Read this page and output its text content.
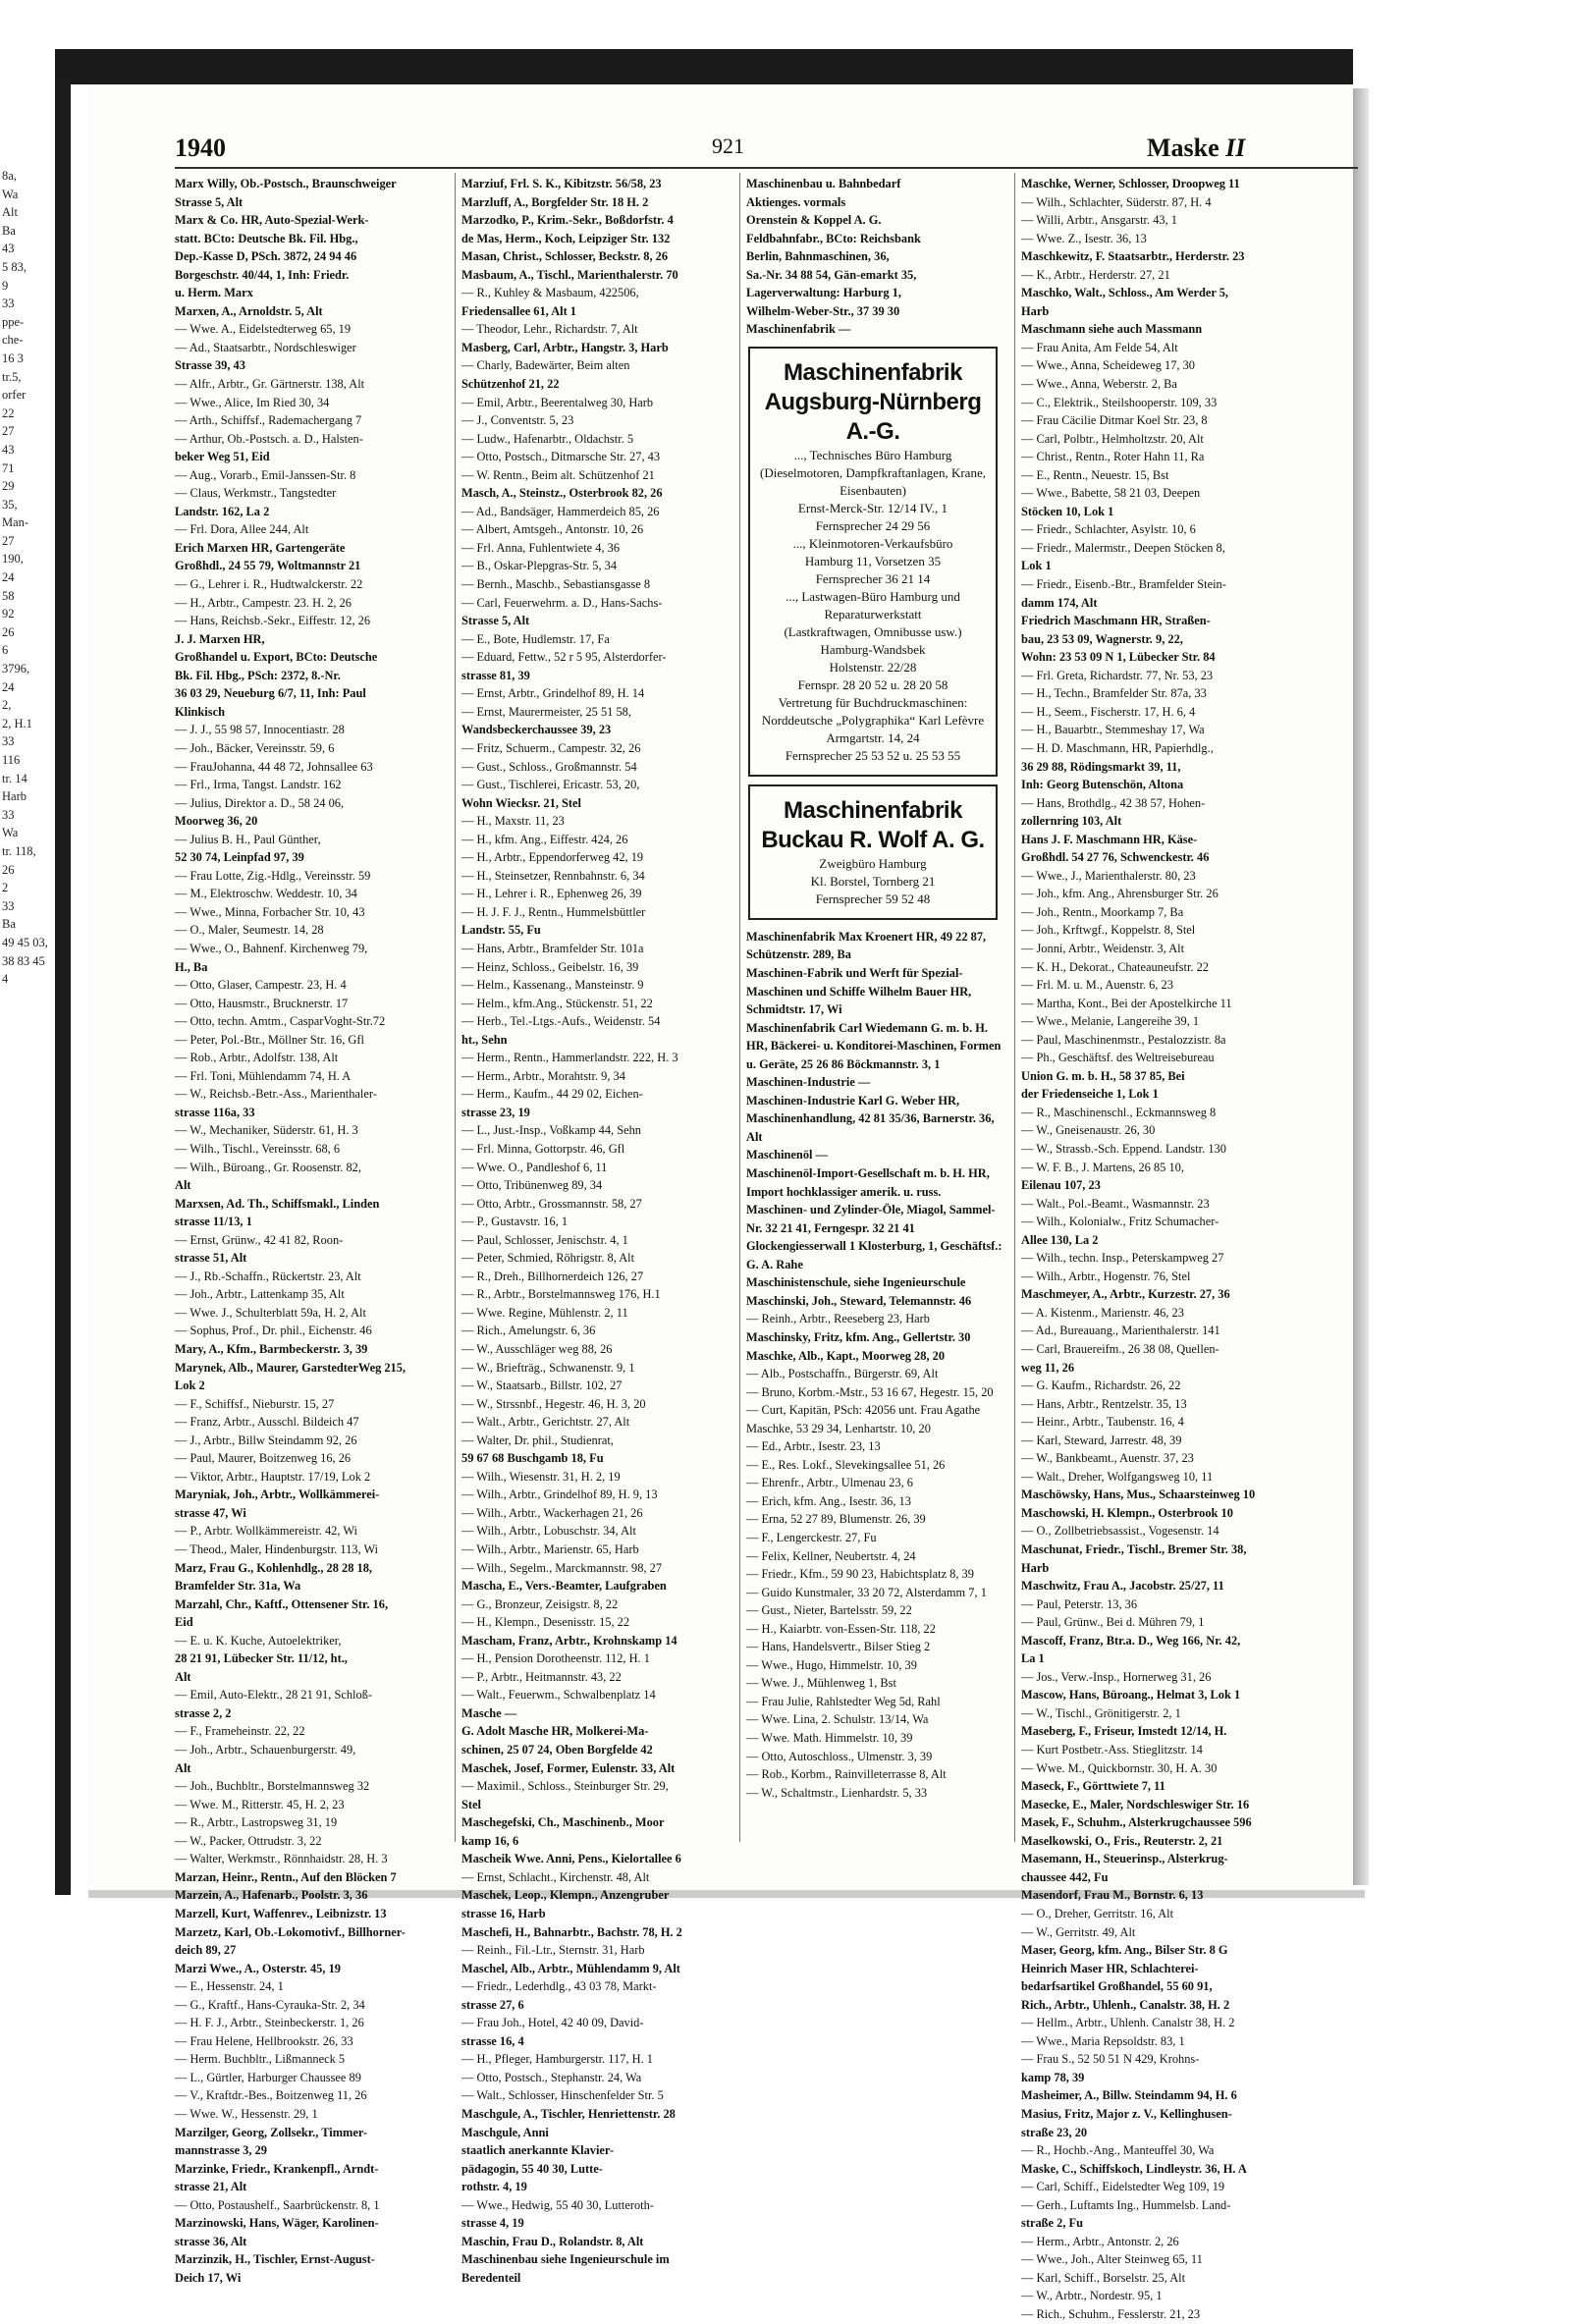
8a,
Wa
Alt
Ba
43
5 83,
9
33
ppe-
che-
16 3
tr.5,
orfer
22
27
43
71
29
35,
Man-
27
190,
24
58
92
26
6
3796,
24
2,
2, H.1
33
116
tr. 14
Harb
33
Wa
tr. 118,
26
2
33
Ba
49 45 03,
38 83 45
4
1940	921	Maske II
Marx Willy, Ob.-Postsch., Braunschweiger
Strasse 5, Alt
Marx & Co. HR, Auto-Spezial-Werk-
statt. BCto: Deutsche Bk. Fil. Hbg.,
Dep.-Kasse D, PSch. 3872, 24 94 46
Borgeschstr. 40/44, 1, Inh: Friedr.
u. Herm. Marx
Marxen, A., Arnoldstr. 5, Alt
— Wwe. A., Eidelstedterweg 65, 19
— Ad., Staatsarbtr., Nordschleswiger
Strasse 39, 43
— Alfr., Arbtr., Gr. Gärtnerstr. 138, Alt
— Wwe., Alice, Im Ried 30, 34
— Arth., Schiffsf., Rademachergang 7
— Arthur, Ob.-Postsch. a. D., Halsten-
beker Weg 51, Eid
— Aug., Vorarb., Emil-Janssen-Str. 8
— Claus, Werkmstr., Tangstedter
Landstr. 162, La 2
— Frl. Dora, Allee 244, Alt
Erich Marxen HR, Gartengeräte
Großhdl., 24 55 79, Woltmannstr 21
— G., Lehrer i. R., Hudtwalckerstr. 22
— H., Arbtr., Campestr. 23. H. 2, 26
— Hans, Reichsb.-Sekr., Eiffestr. 12, 26
J. J. Marxen HR,
Großhandel u. Export, BCto: Deutsche
Bk. Fil. Hbg., PSch: 2372, 8.-Nr.
36 03 29, Neueburg 6/7, 11, Inh: Paul
Klinkisch
— J. J., 55 98 57, Innocentiastr. 28
— Joh., Bäcker, Vereinsstr. 59, 6
— FrauJohanna, 44 48 72, Johnsallee 63
— Frl., Irma, Tangst. Landstr. 162
— Julius, Direktor a. D., 58 24 06,
Moorweg 36, 20
— Julius B. H., Paul Günther,
52 30 74, Leinpfad 97, 39
— Frau Lotte, Zig.-Hdlg., Vereinsstr. 59
— M., Elektroschw. Weddestr. 10, 34
— Wwe., Minna, Forbacher Str. 10, 43
— O., Maler, Seumestr. 14, 28
— Wwe., O., Bahnenf. Kirchenweg 79,
H., Ba
— Otto, Glaser, Campestr. 23, H. 4
— Otto, Hausmstr., Brucknerstr. 17
— Otto, techn. Amtm., CasparVoght-Str.72
— Peter, Pol.-Btr., Möllner Str. 16, Gfl
— Rob., Arbtr., Adolfstr. 138, Alt
— Frl. Toni, Mühlendamm 74, H. A
— W., Reichsb.-Betr.-Ass., Marienthaler-
strasse 116a, 33
— W., Mechaniker, Süderstr. 61, H. 3
— Wilh., Tischl., Vereinsstr. 68, 6
— Wilh., Büroang., Gr. Roosenstr. 82,
Alt
Marxsen, Ad. Th., Schiffsmakl., Linden
strasse 11/13, 1
— Ernst, Grünw., 42 41 82, Roon-
strasse 51, Alt
— J., Rb.-Schaffn., Rückertstr. 23, Alt
— Joh., Arbtr., Lattenkamp 35, Alt
— Wwe. J., Schulterblatt 59a, H. 2, Alt
— Sophus, Prof., Dr. phil., Eichenstr. 46
Mary, A., Kfm., Barmbeckerstr. 3, 39
Marynek, Alb., Maurer, GarstedterWeg 215,
Lok 2
— F., Schiffsf., Nieburstr. 15, 27
— Franz, Arbtr., Ausschl. Bildeich 47
— J., Arbtr., Billw Steindamm 92, 26
— Paul, Maurer, Boitzenweg 16, 26
— Viktor, Arbtr., Hauptstr. 17/19, Lok 2
Maryniak, Joh., Arbtr., Wollkämmerei-
strasse 47, Wi
— P., Arbtr. Wollkämmereistr. 42, Wi
— Theod., Maler, Hindenburgstr. 113, Wi
Marz, Frau G., Kohlenhdlg., 28 28 18,
Bramfelder Str. 31a, Wa
Marzahl, Chr., Kaftf., Ottensener Str. 16,
Eid
— E. u. K. Kuche, Autoelektriker,
28 21 91, Lübecker Str. 11/12, ht.,
Alt
— Emil, Auto-Elektr., 28 21 91, Schloß-
strasse 2, 2
— F., Frameheinstr. 22, 22
— Joh., Arbtr., Schauenburgerstr. 49,
Alt
— Joh., Buchbltr., Borstelmannsweg 32
— Wwe. M., Ritterstr. 45, H. 2, 23
— R., Arbtr., Lastropsweg 31, 19
— W., Packer, Ottrudstr. 3, 22
— Walter, Werkmstr., Rönnhaidstr. 28, H. 3
Marzan, Heinr., Rentn., Auf den Blöcken 7
Marzein, A., Hafenarb., Poolstr. 3, 36
Marzell, Kurt, Waffenrev., Leibnizstr. 13
Marzetz, Karl, Ob.-Lokomotivf., Billhorner-
deich 89, 27
Marzi Wwe., A., Osterstr. 45, 19
— E., Hessenstr. 24, 1
— G., Kraftf., Hans-Cyrauka-Str. 2, 34
— H. F. J., Arbtr., Steinbeckerstr. 1, 26
— Frau Helene, Hellbrookstr. 26, 33
— Herm. Buchbltr., Lißmanneck 5
— L., Gürtler, Harburger Chaussee 89
— V., Kraftdr.-Bes., Boitzenweg 11, 26
— Wwe. W., Hessenstr. 29, 1
Marzilger, Georg, Zollsekr., Timmer-
mannstrasse 3, 29
Marzinke, Friedr., Krankenpfl., Arndt-
strasse 21, Alt
— Otto, Postaushelf., Saarbrückenstr. 8, 1
Marzinowski, Hans, Wäger, Karolinen-
strasse 36, Alt
Marzinzik, H., Tischler, Ernst-August-
Deich 17, Wi
Marziuf, Frl. S. K., Kibitzstr. 56/58, 23
Marzluff, A., Borgfelder Str. 18 H. 2
Marzodko, P., Krim.-Sekr., Boßdorfstr. 4
de Mas, Herm., Koch, Leipziger Str. 132
Masan, Christ., Schlosser, Beckstr. 8, 26
Masbaum, A., Tischl., Marienthalerstr. 70
— R., Kuhley & Masbaum, 422506,
Friedensallee 61, Alt 1
— Theodor, Lehr., Richardstr. 7, Alt
Masberg, Carl, Arbtr., Hangstr. 3, Harb
— Charly, Badewärter, Beim alten
Schützenhof 21, 22
— Emil, Arbtr., Beerentalweg 30, Harb
— J., Conventstr. 5, 23
— Ludw., Hafenarbtr., Oldachstr. 5
— Otto, Postsch., Ditmarsche Str. 27, 43
— W. Rentn., Beim alt. Schützenhof 21
Masch, A., Steinstz., Osterbrook 82, 26
— Ad., Bandsäger, Hammerdeich 85, 26
— Albert, Amtsgeh., Antonstr. 10, 26
— Frl. Anna, Fuhlentwiete 4, 36
— B., Oskar-Plepgras-Str. 5, 34
— Bernh., Maschb., Sebastiansgasse 8
— Carl, Feuerwehrm. a. D., Hans-Sachs-
Strasse 5, Alt
— E., Bote, Hudlemstr. 17, Fa
— Eduard, Fettw., 52 r 5 95, Alsterdorfer-
strasse 81, 39
— Ernst, Arbtr., Grindelhof 89, H. 14
— Ernst, Maurermeister, 25 51 58,
Wandsbeckerchaussee 39, 23
— Fritz, Schuerm., Campestr. 32, 26
— Gust., Schloss., Großmannstr. 54
— Gust., Tischlerei, Ericastr. 53, 20,
Wohn Wiecksr. 21, Stel
— H., Maxstr. 11, 23
— H., kfm. Ang., Eiffestr. 424, 26
— H., Arbtr., Eppendorferweg 42, 19
— H., Steinsetzer, Rennbahnstr. 6, 34
— H., Lehrer i. R., Ephenweg 26, 39
— H. J. F. J., Rentn., Hummelsbüttler
Landstr. 55, Fu
— Hans, Arbtr., Bramfelder Str. 101a
— Heinz, Schloss., Geibelstr. 16, 39
— Helm., Kassenang., Mansteinstr. 9
— Helm., kfm.Ang., Stückenstr. 51, 22
— Herb., Tel.-Ltgs.-Aufs., Weidenstr. 54
ht., Sehn
— Herm., Rentn., Hammerlandstr. 222, H. 3
— Herm., Arbtr., Morahtstr. 9, 34
— Herm., Kaufm., 44 29 02, Eichen-
strasse 23, 19
— L., Just.-Insp., Voßkamp 44, Sehn
— Frl. Minna, Gottorpstr. 46, Gfl
— Wwe. O., Pandleshof 6, 11
— Otto, Tribünenweg 89, 34
— Otto, Arbtr., Grossmannstr. 58, 27
— P., Gustavstr. 16, 1
— Paul, Schlosser, Jenischstr. 4, 1
— Peter, Schmied, Röhrigstr. 8, Alt
— R., Dreh., Billhornerdeich 126, 27
— R., Arbtr., Borstelmannsweg 176, H.1
— Wwe. Regine, Mühlenstr. 2, 11
— Rich., Amelungstr. 6, 36
— W., Ausschläger weg 88, 26
— W., Briefträg., Schwanenstr. 9, 1
— W., Staatsarb., Billstr. 102, 27
— W., Strssnbf., Hegestr. 46, H. 3, 20
— Walt., Arbtr., Gerichtstr. 27, Alt
— Walter, Dr. phil., Studienrat,
59 67 68 Buschgamb 18, Fu
— Wilh., Wiesenstr. 31, H. 2, 19
— Wilh., Arbtr., Grindelhof 89, H. 9, 13
— Wilh., Arbtr., Wackerhagen 21, 26
— Wilh., Arbtr., Lobuschstr. 34, Alt
— Wilh., Arbtr., Marienstr. 65, Harb
— Wilh., Segelm., Marckmannstr. 98, 27
Mascha, E., Vers.-Beamter, Laufgraben
— G., Bronzeur, Zeisigstr. 8, 22
— H., Klempn., Desenisstr. 15, 22
Mascham, Franz, Arbtr., Krohnskamp 14
— H., Pension Dorotheenstr. 112, H. 1
— P., Arbtr., Heitmannstr. 43, 22
— Walt., Feuerwm., Schwalbenplatz 14
Masche —
G. Adolt Masche HR, Molkerei-Ma-
schinen, 25 07 24, Oben Borgfelde 42
Maschek, Josef, Former, Eulenstr. 33, Alt
— Maximil., Schloss., Steinburger Str. 29,
Stel
Maschegefski, Ch., Maschinenb., Moor
kamp 16, 6
Mascheik Wwe. Anni, Pens., Kielortallee 6
— Ernst, Schlacht., Kirchenstr. 48, Alt
Maschek, Leop., Klempn., Anzengruber
strasse 16, Harb
Maschefi, H., Bahnarbtr., Bachstr. 78, H. 2
— Reinh., Fil.-Ltr., Sternstr. 31, Harb
Maschel, Alb., Arbtr., Mühlendamm 9, Alt
— Friedr., Lederhdlg., 43 03 78, Markt-
strasse 27, 6
— Frau Joh., Hotel, 42 40 09, David-
strasse 16, 4
— H., Pfleger, Hamburgerstr. 117, H. 1
— Otto, Postsch., Stephanstr. 24, Wa
— Walt., Schlosser, Hinschenfelder Str. 5
Maschgule, A., Tischler, Henriettenstr. 28
Maschgule, Anni
staatlich anerkannte Klavier-
pädagogin, 55 40 30, Lutte-
rothstr. 4, 19
— Wwe., Hedwig, 55 40 30, Lutteroth-
strasse 4, 19
Maschin, Frau D., Rolandstr. 8, Alt
Maschinenbau siehe Ingenieurschule im
Beredenteil
Maschinenbau u. Bahnbedarf
Aktienges. vormals
Orenstein & Koppel A. G.
Feldbahnfabr., BCto: Reichsbank
Berlin, Bahnmaschinen, 36,
Sa.-Nr. 34 88 54, Gän-emarkt 35, Lagerverwaltung: Harburg 1,
Wilhelm-Weber-Str., 37 39 30
Maschinenfabrik —
Maschinenfabrik Augsburg-Nürnberg A.-G.
..., Technisches Büro Hamburg
(Dieselmotoren, Dampfkraftanlagen, Krane, Eisenbauten)
Ernst-Merck-Str. 12/14 IV., 1
Fernsprecher 24 29 56
..., Kleinmotoren-Verkaufsbüro
Hamburg 11, Vorsetzen 35
Fernsprecher 36 21 14
..., Lastwagen-Büro Hamburg und Reparaturwerkstatt
(Lastkraftwagen, Omnibusse usw.)
Hamburg-Wandsbek
Holstenstr. 22/28
Fernspr. 28 20 52 u. 28 20 58
Vertretung für Buchdruckmaschinen:
Norddeutsche „Polygraphika“ Karl Lefèvre
Armgartstr. 14, 24
Fernsprecher 25 53 52 u. 25 53 55
Maschinenfabrik Buckau R. Wolf A. G.
Zweigbüro Hamburg
Kl. Borstel, Tornberg 21
Fernsprecher 59 52 48
Maschinenfabrik Max Kroenert HR, 49 22 87, Schützenstr. 289, Ba
Maschinen-Fabrik und Werft für Spezial-Maschinen und Schiffe Wilhelm Bauer HR, Schmidtstr. 17, Wi
Maschinenfabrik Carl Wiedemann G. m. b. H. HR, Bäckerei- u. Konditorei-Maschinen, Formen u. Geräte, 25 26 86 Böckmannstr. 3, 1
Maschinen-Industrie —
Maschinen-Industrie Karl G. Weber HR, Maschinenhandlung, 42 81 35/36, Barnerstr. 36, Alt
Maschinenöl —
Maschinenöl-Import-Gesellschaft m. b. H. HR, Import hochklassiger amerik. u. russ. Maschinen- und Zylinder-Öle, Miagol, Sammel-Nr. 32 21 41, Ferngespr. 32 21 41 Glockengiesserwall 1 Klosterburg, 1, Geschäftsf.: G. A. Rahe
Maschinistenschule, siehe Ingenieurschule
Maschinski, Joh., Steward, Telemannstr. 46
— Reinh., Arbtr., Reeseberg 23, Harb
Maschinsky, Fritz, kfm. Ang., Gellertstr. 30
Maschke, Alb., Kapt., Moorweg 28, 20
— Alb., Postschaffn., Bürgerstr. 69, Alt
— Bruno, Korbm.-Mstr., 53 16 67, Hegestr. 15, 20
— Curt, Kapitän, PSch: 42056 unt. Frau Agathe Maschke, 53 29 34, Lenhartstr. 10, 20
— Ed., Arbtr., Isestr. 23, 13
— E., Res. Lokf., Slevekingsallee 51, 26
— Ehrenfr., Arbtr., Ulmenau 23, 6
— Erich, kfm. Ang., Isestr. 36, 13
— Erna, 52 27 89, Blumenstr. 26, 39
— F., Lengerckestr. 27, Fu
— Felix, Kellner, Neubertstr. 4, 24
— Friedr., Kfm., 59 90 23, Habichtsplatz 8, 39
— Guido Kunstmaler, 33 20 72, Alsterdamm 7, 1
— Gust., Nieter, Bartelsstr. 59, 22
— H., Kaiarbtr. von-Essen-Str. 118, 22
— Hans, Handelsvertr., Bilser Stieg 2
— Wwe., Hugo, Himmelstr. 10, 39
— Wwe. J., Mühlenweg 1, Bst
— Frau Julie, Rahlstedter Weg 5d, Rahl
— Wwe. Lina, 2. Schulstr. 13/14, Wa
— Wwe. Math. Himmelstr. 10, 39
— Otto, Autoschloss., Ulmenstr. 3, 39
— Rob., Korbm., Rainvilleterrasse 8, Alt
— W., Schaltmstr., Lienhardstr. 5, 33
Maschke, Werner, Schlosser, Droopweg 11
— Wilh., Schlachter, Süderstr. 87, H. 4
— Willi, Arbtr., Ansgarstr. 43, 1
— Wwe. Z., Isestr. 36, 13
Maschkewitz, F. Staatsarbtr., Herderstr. 23
— K., Arbtr., Herderstr. 27, 21
Maschko, Walt., Schloss., Am Werder 5,
Harb
Maschmann siehe auch Massmann
— Frau Anita, Am Felde 54, Alt
— Wwe., Anna, Scheideweg 17, 30
— Wwe., Anna, Weberstr. 2, Ba
— C., Elektrik., Steilshooperstr. 109, 33
— Frau Cäcilie Ditmar Koel Str. 23, 8
— Carl, Polbtr., Helmholtzstr. 20, Alt
— Christ., Rentn., Roter Hahn 11, Ra
— E., Rentn., Neuestr. 15, Bst
— Wwe., Babette, 58 21 03, Deepen
Stöcken 10, Lok 1
— Friedr., Schlachter, Asylstr. 10, 6
— Friedr., Malermstr., Deepen Stöcken 8,
Lok 1
— Friedr., Eisenb.-Btr., Bramfelder Stein-
damm 174, Alt
Friedrich Maschmann HR, Straßen-
bau, 23 53 09, Wagnerstr. 9, 22,
Wohn: 23 53 09 N 1, Lübecker Str. 84
— Frl. Greta, Richardstr. 77, Nr. 53, 23
— H., Techn., Bramfelder Str. 87a, 33
— H., Seem., Fischerstr. 17, H. 6, 4
— H., Bauarbtr., Stemmeshay 17, Wa
— H. D. Maschmann, HR, Papierhdlg.,
36 29 88, Rödingsmarkt 39, 11,
Inh: Georg Butenschön, Altona
— Hans, Brothdlg., 42 38 57, Hohen-
zollernring 103, Alt
Hans J. F. Maschmann HR, Käse-
Großhdl. 54 27 76, Schwenckestr. 46
— Wwe., J., Marienthalerstr. 80, 23
— Joh., kfm. Ang., Ahrensburger Str. 26
— Joh., Rentn., Moorkamp 7, Ba
— Joh., Krftwgf., Koppelstr. 8, Stel
— Jonni, Arbtr., Weidenstr. 3, Alt
— K. H., Dekorat., Chateauneufstr. 22
— Frl. M. u. M., Auenstr. 6, 23
— Martha, Kont., Bei der Apostelkirche 11
— Wwe., Melanie, Langereihe 39, 1
— Paul, Maschinenmstr., Pestalozzistr. 8a
— Ph., Geschäftsf. des Weltreisebureau
Union G. m. b. H., 58 37 85, Bei
der Friedenseiche 1, Lok 1
— R., Maschinenschl., Eckmannsweg 8
— W., Gneisenaustr. 26, 30
— W., Strassb.-Sch. Eppend. Landstr. 130
— W. F. B., J. Martens, 26 85 10,
Eilenau 107, 23
— Walt., Pol.-Beamt., Wasmannstr. 23
— Wilh., Kolonialw., Fritz Schumacher-
Allee 130, La 2
— Wilh., techn. Insp., Peterskampweg 27
— Wilh., Arbtr., Hogenstr. 76, Stel
Maschmeyer, A., Arbtr., Kurzestr. 27, 36
— A. Kistenm., Marienstr. 46, 23
— Ad., Bureauang., Marienthalerstr. 141
— Carl, Brauereifm., 26 38 08, Quellen-
weg 11, 26
— G. Kaufm., Richardstr. 26, 22
— Hans, Arbtr., Rentzelstr. 35, 13
— Heinr., Arbtr., Taubenstr. 16, 4
— Karl, Steward, Jarrestr. 48, 39
— W., Bankbeamt., Auenstr. 37, 23
— Walt., Dreher, Wolfgangsweg 10, 11
Maschöwsky, Hans, Mus., Schaarsteinweg 10
Maschowski, H. Klempn., Osterbrook 10
— O., Zollbetriebsassist., Vogesenstr. 14
Maschunat, Friedr., Tischl., Bremer Str. 38,
Harb
Maschwitz, Frau A., Jacobstr. 25/27, 11
— Paul, Peterstr. 13, 36
— Paul, Grünw., Bei d. Mühren 79, 1
Mascoff, Franz, Btr.a. D., Weg 166, Nr. 42,
La 1
— Jos., Verw.-Insp., Hornerweg 31, 26
Mascow, Hans, Büroang., Helmat 3, Lok 1
— W., Tischl., Grönitigerstr. 2, 1
Maseberg, F., Friseur, Imstedt 12/14, H.
— Kurt Postbetr.-Ass. Stieglitzstr. 14
— Wwe. M., Quickbornstr. 30, H. A. 30
Maseck, F., Görttwiete 7, 11
Masecke, E., Maler, Nordschleswiger Str. 16
Masek, F., Schuhm., Alsterkrugchaussee 596
Maselkowski, O., Fris., Reuterstr. 2, 21
Masemann, H., Steuerinsp., Alsterkrug-
chaussee 442, Fu
Masendorf, Frau M., Bornstr. 6, 13
— O., Dreher, Gerritstr. 16, Alt
— W., Gerritstr. 49, Alt
Maser, Georg, kfm. Ang., Bilser Str. 8 G
Heinrich Maser HR, Schlachterei-
bedarfsartikel Großhandel, 55 60 91,
Rich., Arbtr., Uhlenh., Canalstr. 38, H. 2
— Hellm., Arbtr., Uhlenh. Canalstr 38, H. 2
— Wwe., Maria Repsoldstr. 83, 1
— Frau S., 52 50 51 N 429, Krohns-
kamp 78, 39
Masheimer, A., Billw. Steindamm 94, H. 6
Masius, Fritz, Major z. V., Kellinghusen-
straße 23, 20
— R., Hochb.-Ang., Manteuffel 30, Wa
Maske, C., Schiffskoch, Lindleystr. 36, H. A
— Carl, Schiff., Eidelstedter Weg 109, 19
— Gerh., Luftamts Ing., Hummelsb. Land-
straße 2, Fu
— Herm., Arbtr., Antonstr. 2, 26
— Wwe., Joh., Alter Steinweg 65, 11
— Karl, Schiff., Borselstr. 25, Alt
— W., Arbtr., Nordestr. 95, 1
— Rich., Schuhm., Fesslerstr. 21, 23
